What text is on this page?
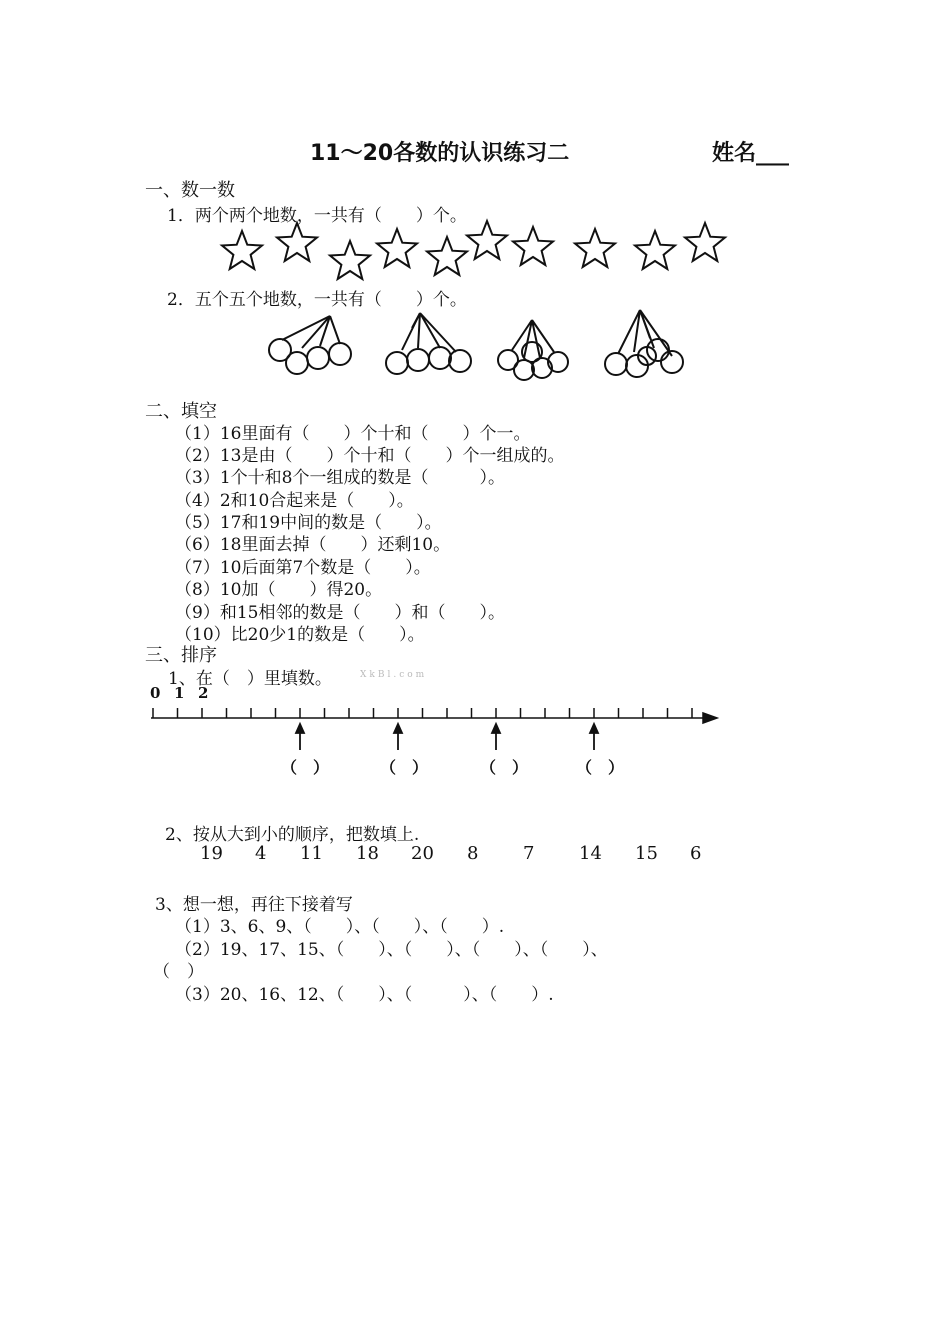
11～20各数的认识练习二	姓名___
一、数一数
1．两个两个地数，一共有（　　）个。
2．五个五个地数，一共有（　　）个。
二、填空
（1）16里面有（　　）个十和（　　）个一。
（2）13是由（　　）个十和（　　）个一组成的。
（3）1个十和8个一组成的数是（　　　）。
（4）2和10合起来是（　　）。
（5）17和19中间的数是（　　）。
（6）18里面去掉（　　）还剩10。
（7）10后面第7个数是（　　）。
（8）10加（　　）得20。
（9）和15相邻的数是（　　）和（　　）。
（10）比20少1的数是（　　）。
三、排序
1、在（　）里填数。	XkBl.com
0 1 2
（　）	（　）	（　）	（　）
2、按从大到小的顺序，把数填上.
19 4 11 18 20 8 7 14 15 6
3、想一想，再往下接着写
（1）3、6、9、（　　）、（　　）、（　　）.
（2）19、17、15、（　　）、（　　）、（　　）、（　　）、
（　）
（3）20、16、12、（　　）、（　　　）、（　　）.
